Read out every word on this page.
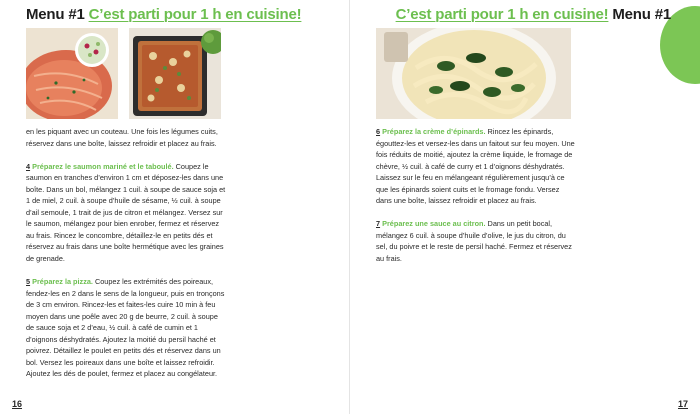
Menu #1 C’est parti pour 1 h en cuisine!

en les piquant avec un couteau. Une fois les légumes cuits, réservez dans une boîte, laissez refroidir et placez au frais.

4 Préparez le saumon mariné et le taboulé. Coupez le saumon en tranches d’environ 1 cm et déposez-les dans une boîte. Dans un bol, mélangez 1 cuil. à soupe de sauce soja et 1 de miel, 2 cuil. à soupe d’huile de sésame, ½ cuil. à soupe d’ail semoule, 1 trait de jus de citron et mélangez. Versez sur le saumon, mélangez pour bien enrober, fermez et réservez au frais. Rincez le concombre, détaillez-le en petits dés et réservez au frais dans une boîte hermétique avec les graines de grenade.

5 Préparez la pizza. Coupez les extrémités des poireaux, fendez-les en 2 dans le sens de la longueur, puis en tronçons de 3 cm environ. Rincez-les et faites-les cuire 10 min à feu moyen dans une poêle avec 20 g de beurre, 2 cuil. à soupe de sauce soja et 2 d’eau, ½ cuil. à café de cumin et 1 d’oignons déshydratés. Ajoutez la moitié du persil haché et poivrez. Détaillez le poulet en petits dés et réservez dans un bol. Versez les poireaux dans une boîte et laissez refroidir. Ajoutez les dés de poulet, fermez et placez au congélateur.

16
C’est parti pour 1 h en cuisine! Menu #1

6 Préparez la crème d’épinards. Rincez les épinards, égouttez-les et versez-les dans un faitout sur feu moyen. Une fois réduits de moitié, ajoutez la crème liquide, le fromage de chèvre, ½ cuil. à café de curry et 1 d’oignons déshydratés. Laissez sur le feu en mélangeant régulièrement jusqu’à ce que les épinards soient cuits et le fromage fondu. Versez dans une boîte, laissez refroidir et placez au frais.

7 Préparez une sauce au citron. Dans un petit bocal, mélangez 6 cuil. à soupe d’huile d’olive, le jus du citron, du sel, du poivre et le reste de persil haché. Fermez et réservez au frais.

17
